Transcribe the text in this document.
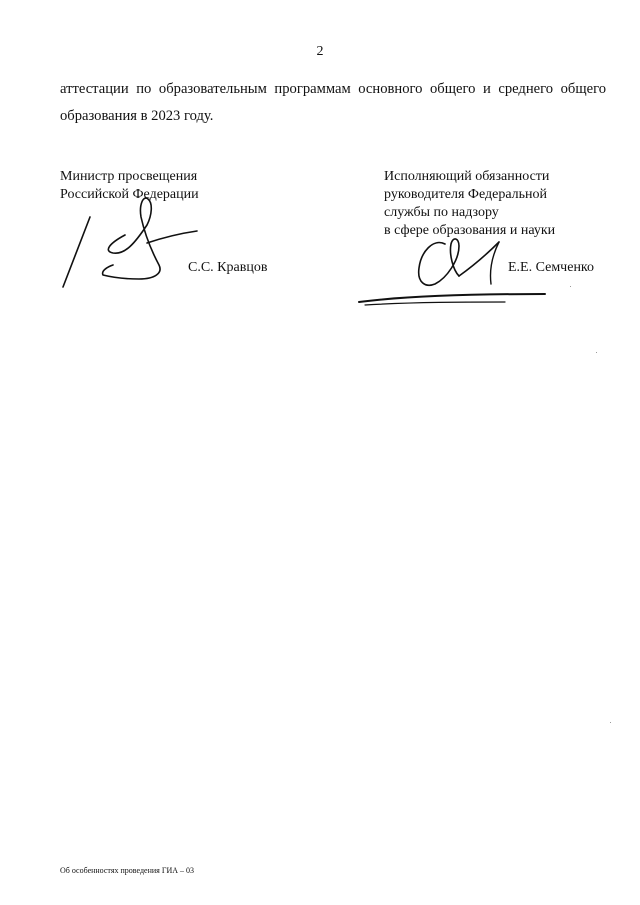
2

аттестации по образовательным программам основного общего и среднего общего

образования в 2023 году.

Министр просвещения
Российской Федерации
С.С. Кравцов
Исполняющий обязанности
руководителя Федеральной
службы по надзору
в сфере образования и науки
Е.Е. Семченко
Об особенностях проведения ГИА – 03
